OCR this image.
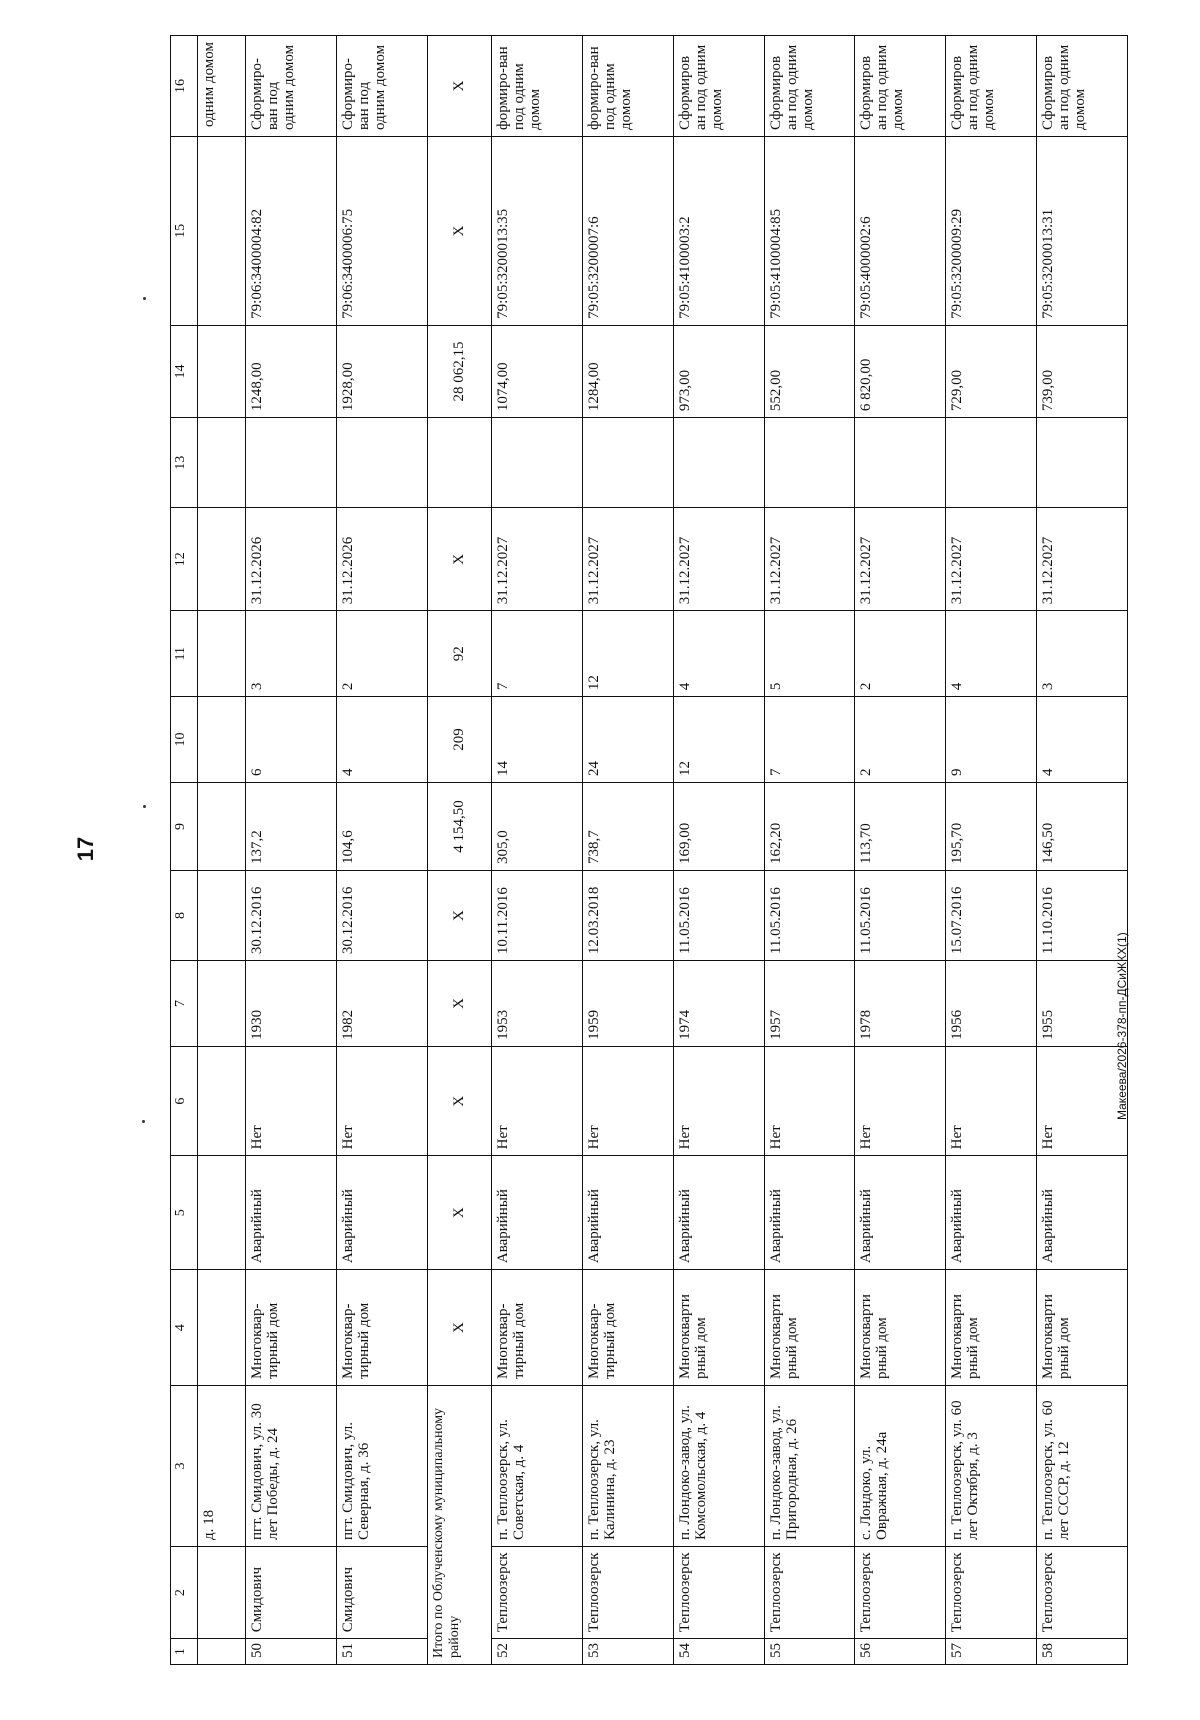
17
Макеева/2026-378-пп-ДСиЖКХ(1)
1	2	3	4	5	6	7	8	9	10	11	12	13	14	15	16
		д. 18													одним домом
50	Смидович	пгт. Смидович, ул. 30 лет Победы, д. 24	Многоквар-тирный дом	Аварийный	Нет	1930	30.12.2016	137,2	6	3	31.12.2026		1248,00	79:06:3400004:82	Сформиро-ван под одним домом
51	Смидович	пгт. Смидович, ул. Северная, д. 36	Многоквар-тирный дом	Аварийный	Нет	1982	30.12.2016	104,6	4	2	31.12.2026		1928,00	79:06:3400006:75	Сформиро-ван под одним домом
Итого по Облученскому муниципальному району			Х	Х	Х	Х	Х	4 154,50	209	92	Х		28 062,15	Х	Х
52	Теплоозерск	п. Теплоозерск, ул. Советская, д. 4	Многоквар-тирный дом	Аварийный	Нет	1953	10.11.2016	305,0	14	7	31.12.2027		1074,00	79:05:3200013:35	формиро-ван под одним домом
53	Теплоозерск	п. Теплоозерск, ул. Калинина, д. 23	Многоквар-тирный дом	Аварийный	Нет	1959	12.03.2018	738,7	24	12	31.12.2027		1284,00	79:05:3200007:6	формиро-ван под одним домом
54	Теплоозерск	п. Лондоко-завод, ул. Комсомольская, д. 4	Многокварти рный дом	Аварийный	Нет	1974	11.05.2016	169,00	12	4	31.12.2027		973,00	79:05:4100003:2	Сформиров ан под одним домом
55	Теплоозерск	п. Лондоко-завод, ул. Пригородная, д. 26	Многокварти рный дом	Аварийный	Нет	1957	11.05.2016	162,20	7	5	31.12.2027		552,00	79:05:4100004:85	Сформиров ан под одним домом
56	Теплоозерск	с. Лондоко, ул. Овражная, д. 24а	Многокварти рный дом	Аварийный	Нет	1978	11.05.2016	113,70	2	2	31.12.2027		6 820,00	79:05:4000002:6	Сформиров ан под одним домом
57	Теплоозерск	п. Теплоозерск, ул. 60 лет Октября, д. 3	Многокварти рный дом	Аварийный	Нет	1956	15.07.2016	195,70	9	4	31.12.2027		729,00	79:05:3200009:29	Сформиров ан под одним домом
58	Теплоозерск	п. Теплоозерск, ул. 60 лет СССР, д. 12	Многокварти рный дом	Аварийный	Нет	1955	11.10.2016	146,50	4	3	31.12.2027		739,00	79:05:3200013:31	Сформиров ан под одним домом
